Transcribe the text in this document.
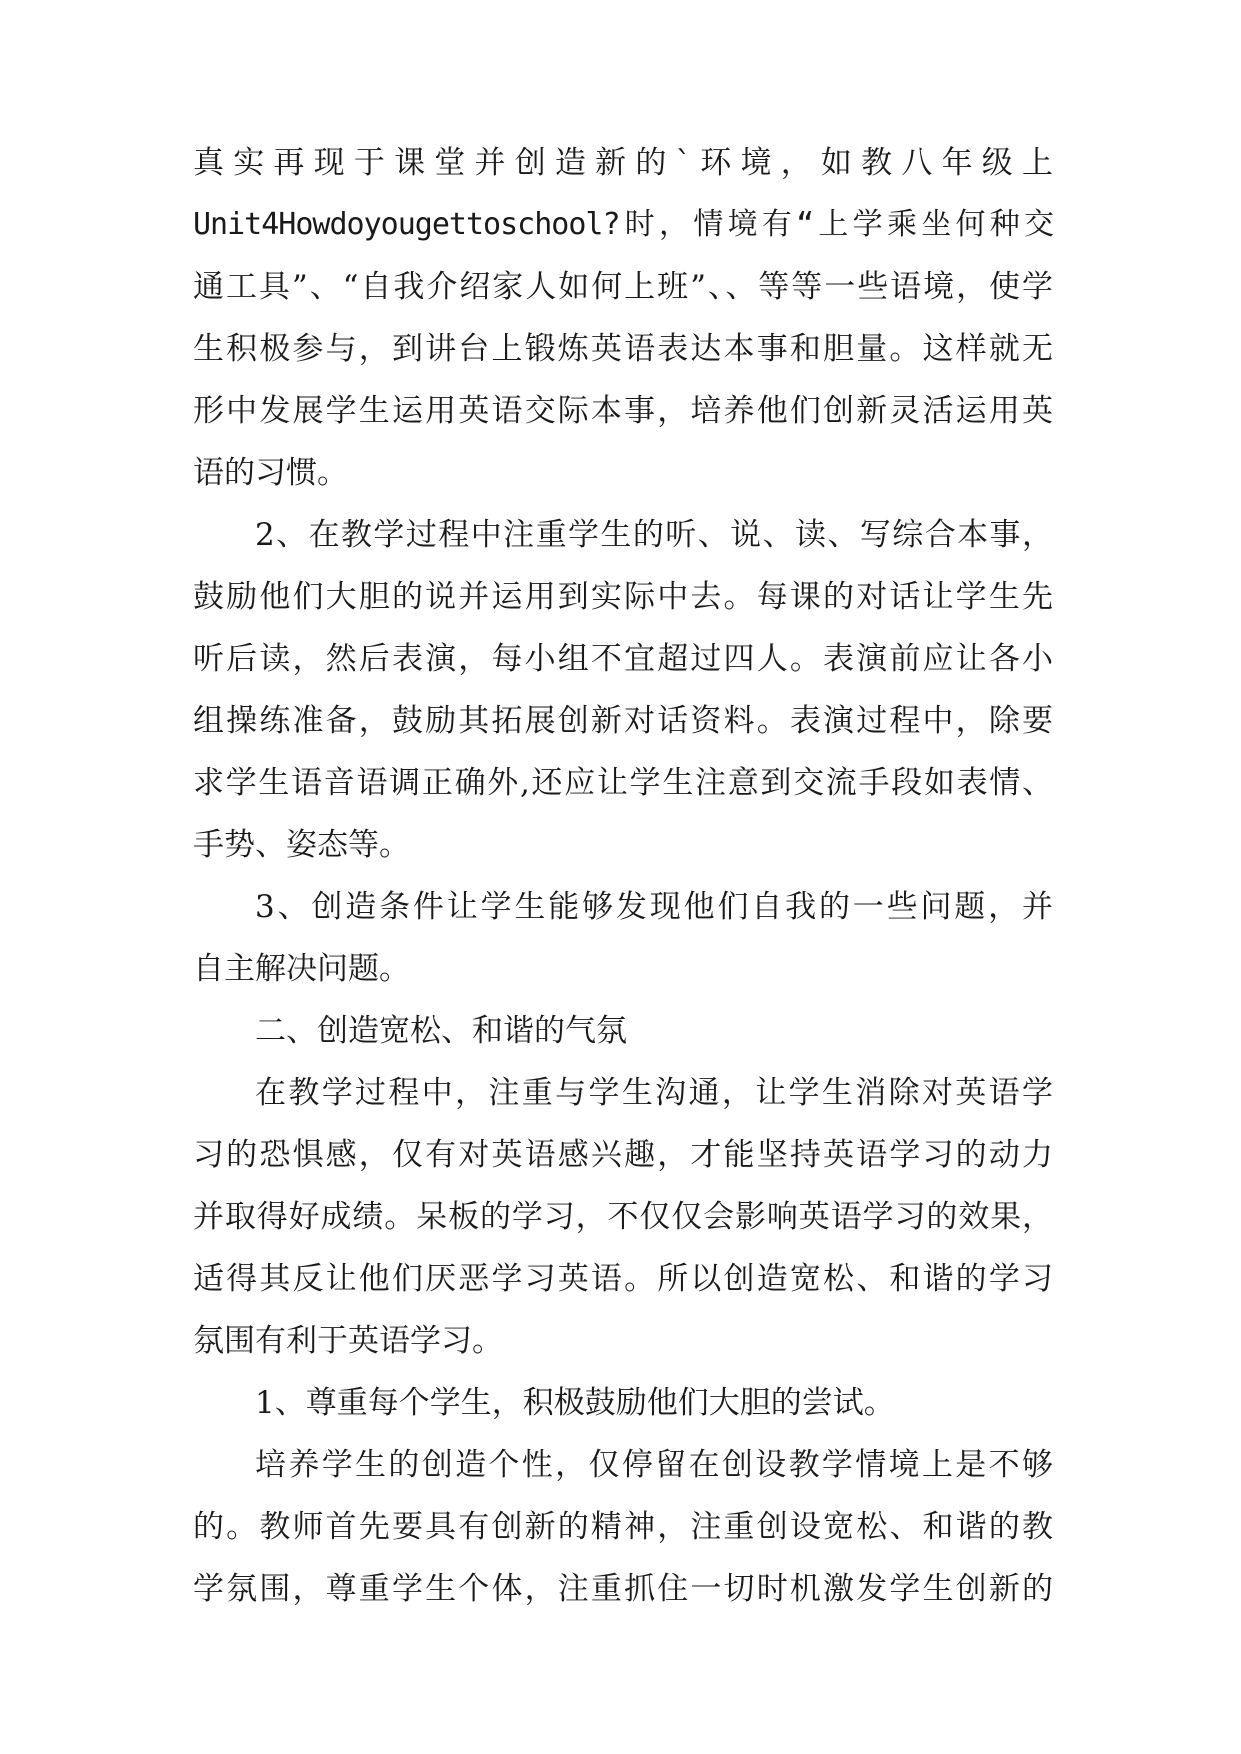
真实再现于课堂并创造新的`环境，如教八年级上
Unit4Howdoyougettoschool?时，情境有“上学乘坐何种交
通工具”、“自我介绍家人如何上班”、、等等一些语境，使学
生积极参与，到讲台上锻炼英语表达本事和胆量。这样就无
形中发展学生运用英语交际本事，培养他们创新灵活运用英
语的习惯。
2、在教学过程中注重学生的听、说、读、写综合本事，
鼓励他们大胆的说并运用到实际中去。每课的对话让学生先
听后读，然后表演，每小组不宜超过四人。表演前应让各小
组操练准备，鼓励其拓展创新对话资料。表演过程中，除要
求学生语音语调正确外,还应让学生注意到交流手段如表情、
手势、姿态等。
3、创造条件让学生能够发现他们自我的一些问题，并
自主解决问题。
二、创造宽松、和谐的气氛
在教学过程中，注重与学生沟通，让学生消除对英语学
习的恐惧感，仅有对英语感兴趣，才能坚持英语学习的动力
并取得好成绩。呆板的学习，不仅仅会影响英语学习的效果，
适得其反让他们厌恶学习英语。所以创造宽松、和谐的学习
氛围有利于英语学习。
1、尊重每个学生，积极鼓励他们大胆的尝试。
培养学生的创造个性，仅停留在创设教学情境上是不够
的。教师首先要具有创新的精神，注重创设宽松、和谐的教
学氛围，尊重学生个体，注重抓住一切时机激发学生创新的
